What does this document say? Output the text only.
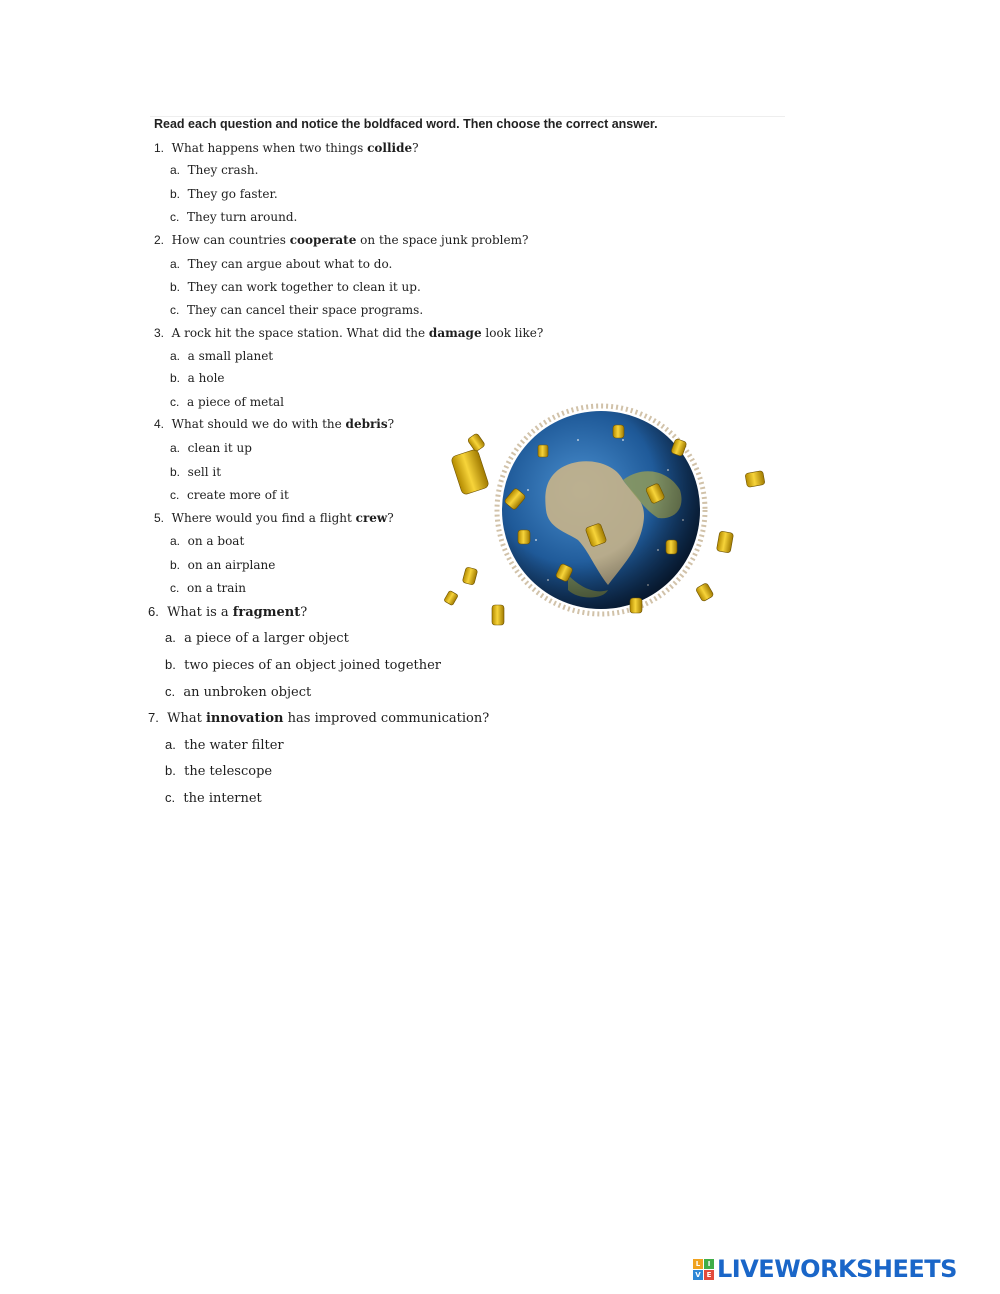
Read each question and notice the boldfaced word. Then choose the correct answer.
1. What happens when two things collide?
a. They crash.
b. They go faster.
c. They turn around.
2. How can countries cooperate on the space junk problem?
a. They can argue about what to do.
b. They can work together to clean it up.
c. They can cancel their space programs.
3. A rock hit the space station. What did the damage look like?
a. a small planet
b. a hole
c. a piece of metal
4. What should we do with the debris?
a. clean it up
b. sell it
c. create more of it
5. Where would you find a flight crew?
a. on a boat
b. on an airplane
c. on a train
6. What is a fragment?
a. a piece of a larger object
b. two pieces of an object joined together
c. an unbroken object
7. What innovation has improved communication?
a. the water filter
b. the telescope
c. the internet
L	I
V E LIVEWORKSHEETS
